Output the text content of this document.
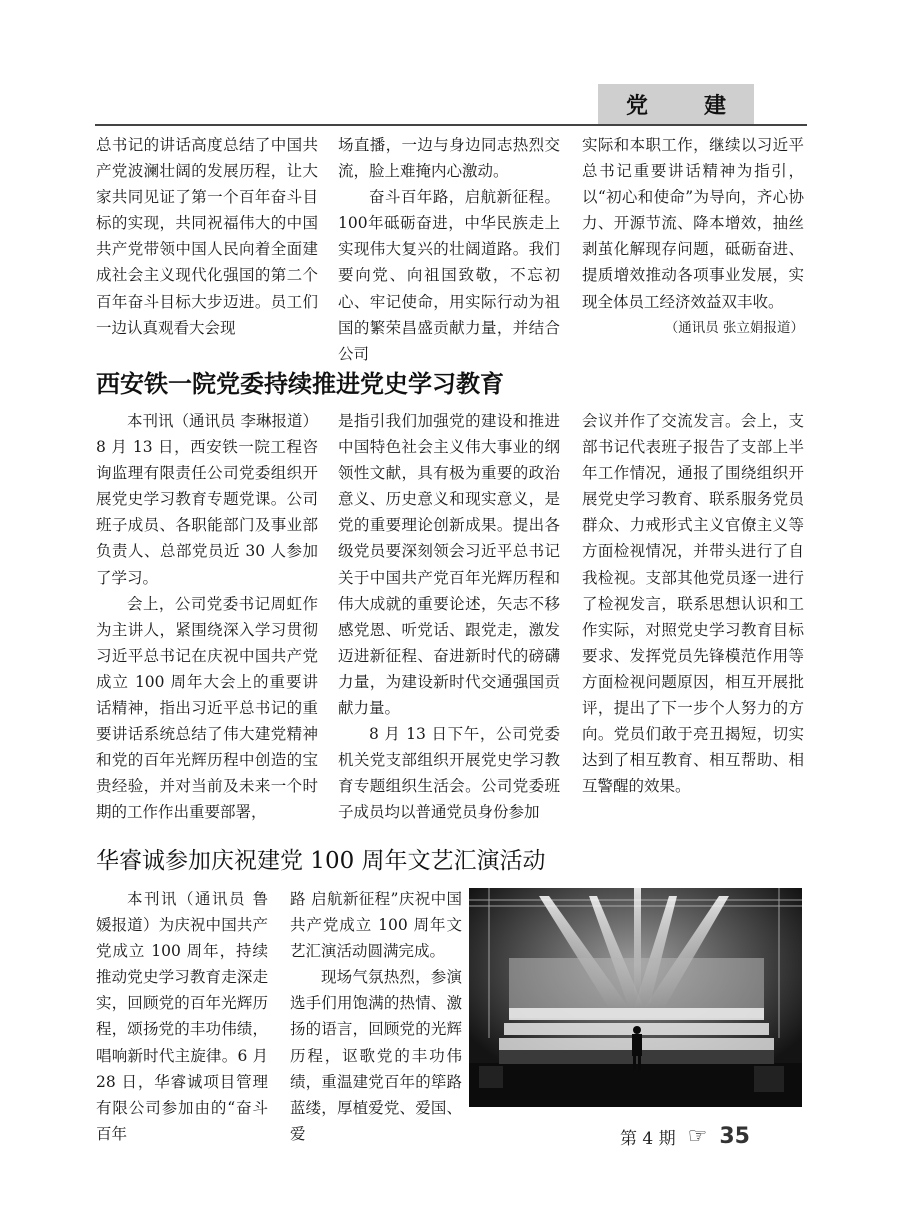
党	建

总书记的讲话高度总结了中国共产党波澜壮阔的发展历程，让大家共同见证了第一个百年奋斗目标的实现，共同祝福伟大的中国共产党带领中国人民向着全面建成社会主义现代化强国的第二个百年奋斗目标大步迈进。员工们一边认真观看大会现

场直播，一边与身边同志热烈交流，脸上难掩内心激动。

奋斗百年路，启航新征程。100年砥砺奋进，中华民族走上实现伟大复兴的壮阔道路。我们要向党、向祖国致敬，不忘初心、牢记使命，用实际行动为祖国的繁荣昌盛贡献力量，并结合公司

实际和本职工作，继续以习近平总书记重要讲话精神为指引，以“初心和使命”为导向，齐心协力、开源节流、降本增效，抽丝剥茧化解现存问题，砥砺奋进、提质增效推动各项事业发展，实现全体员工经济效益双丰收。

（通讯员 张立娟报道）
西安铁一院党委持续推进党史学习教育

本刊讯（通讯员 李琳报道）8 月 13 日，西安铁一院工程咨询监理有限责任公司党委组织开展党史学习教育专题党课。公司班子成员、各职能部门及事业部负责人、总部党员近 30 人参加了学习。

会上，公司党委书记周虹作为主讲人，紧围绕深入学习贯彻习近平总书记在庆祝中国共产党成立 100 周年大会上的重要讲话精神，指出习近平总书记的重要讲话系统总结了伟大建党精神和党的百年光辉历程中创造的宝贵经验，并对当前及未来一个时期的工作作出重要部署，

是指引我们加强党的建设和推进中国特色社会主义伟大事业的纲领性文献，具有极为重要的政治意义、历史意义和现实意义，是党的重要理论创新成果。提出各级党员要深刻领会习近平总书记关于中国共产党百年光辉历程和伟大成就的重要论述，矢志不移感党恩、听党话、跟党走，激发迈进新征程、奋进新时代的磅礴力量，为建设新时代交通强国贡献力量。

8 月 13 日下午，公司党委机关党支部组织开展党史学习教育专题组织生活会。公司党委班子成员均以普通党员身份参加

会议并作了交流发言。会上，支部书记代表班子报告了支部上半年工作情况，通报了围绕组织开展党史学习教育、联系服务党员群众、力戒形式主义官僚主义等方面检视情况，并带头进行了自我检视。支部其他党员逐一进行了检视发言，联系思想认识和工作实际，对照党史学习教育目标要求、发挥党员先锋模范作用等方面检视问题原因，相互开展批评，提出了下一步个人努力的方向。党员们敢于亮丑揭短，切实达到了相互教育、相互帮助、相互警醒的效果。

华睿诚参加庆祝建党 100 周年文艺汇演活动

本刊讯（通讯员 鲁媛报道）为庆祝中国共产党成立 100 周年，持续推动党史学习教育走深走实，回顾党的百年光辉历程，颂扬党的丰功伟绩，唱响新时代主旋律。6 月 28 日，华睿诚项目管理有限公司参加由的“奋斗百年

路 启航新征程”庆祝中国共产党成立 100 周年文艺汇演活动圆满完成。

现场气氛热烈，参演选手们用饱满的热情、激扬的语言，回顾党的光辉历程，讴歌党的丰功伟绩，重温建党百年的筚路蓝缕，厚植爱党、爱国、爱	第 4 期 ☞ 35
